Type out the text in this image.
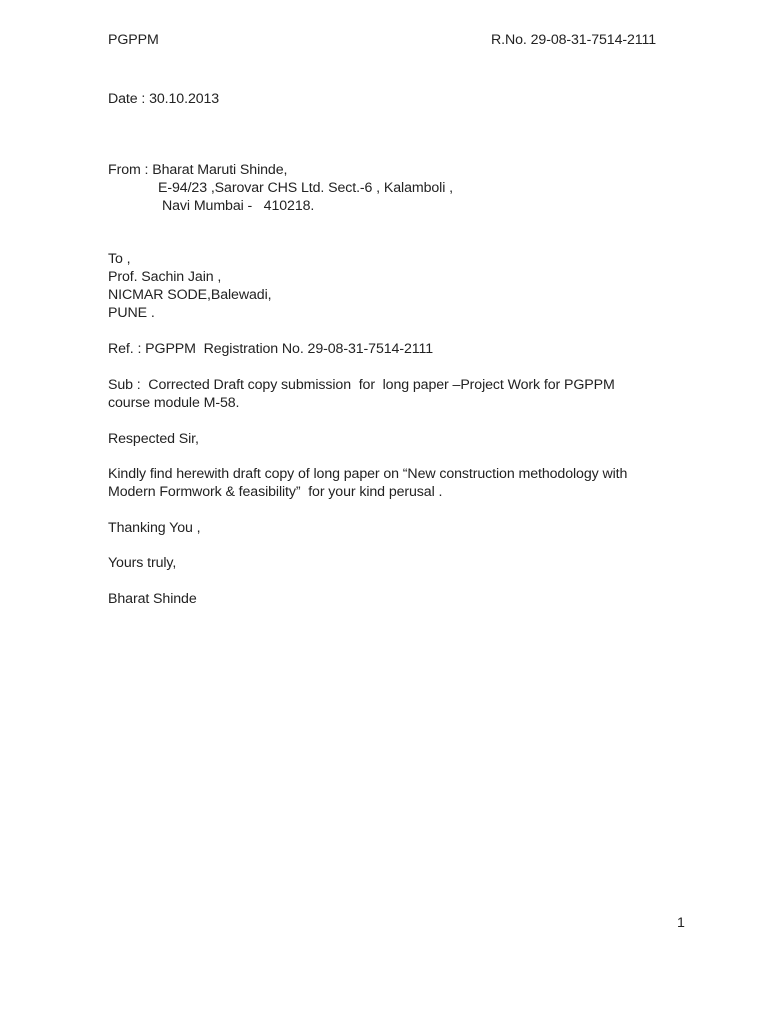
PGPPM	R.No. 29-08-31-7514-2111
Date : 30.10.2013
From : Bharat Maruti Shinde,
E-94/23 ,Sarovar CHS Ltd. Sect.-6 , Kalamboli ,
Navi Mumbai -   410218.
To ,
Prof. Sachin Jain ,
NICMAR SODE,Balewadi,
PUNE .
Ref. : PGPPM  Registration No. 29-08-31-7514-2111
Sub :  Corrected Draft copy submission  for  long paper –Project Work for PGPPM
course module M-58.
Respected Sir,
Kindly find herewith draft copy of long paper on “New construction methodology with
Modern Formwork & feasibility”  for your kind perusal .
Thanking You ,
Yours truly,
Bharat Shinde
1
